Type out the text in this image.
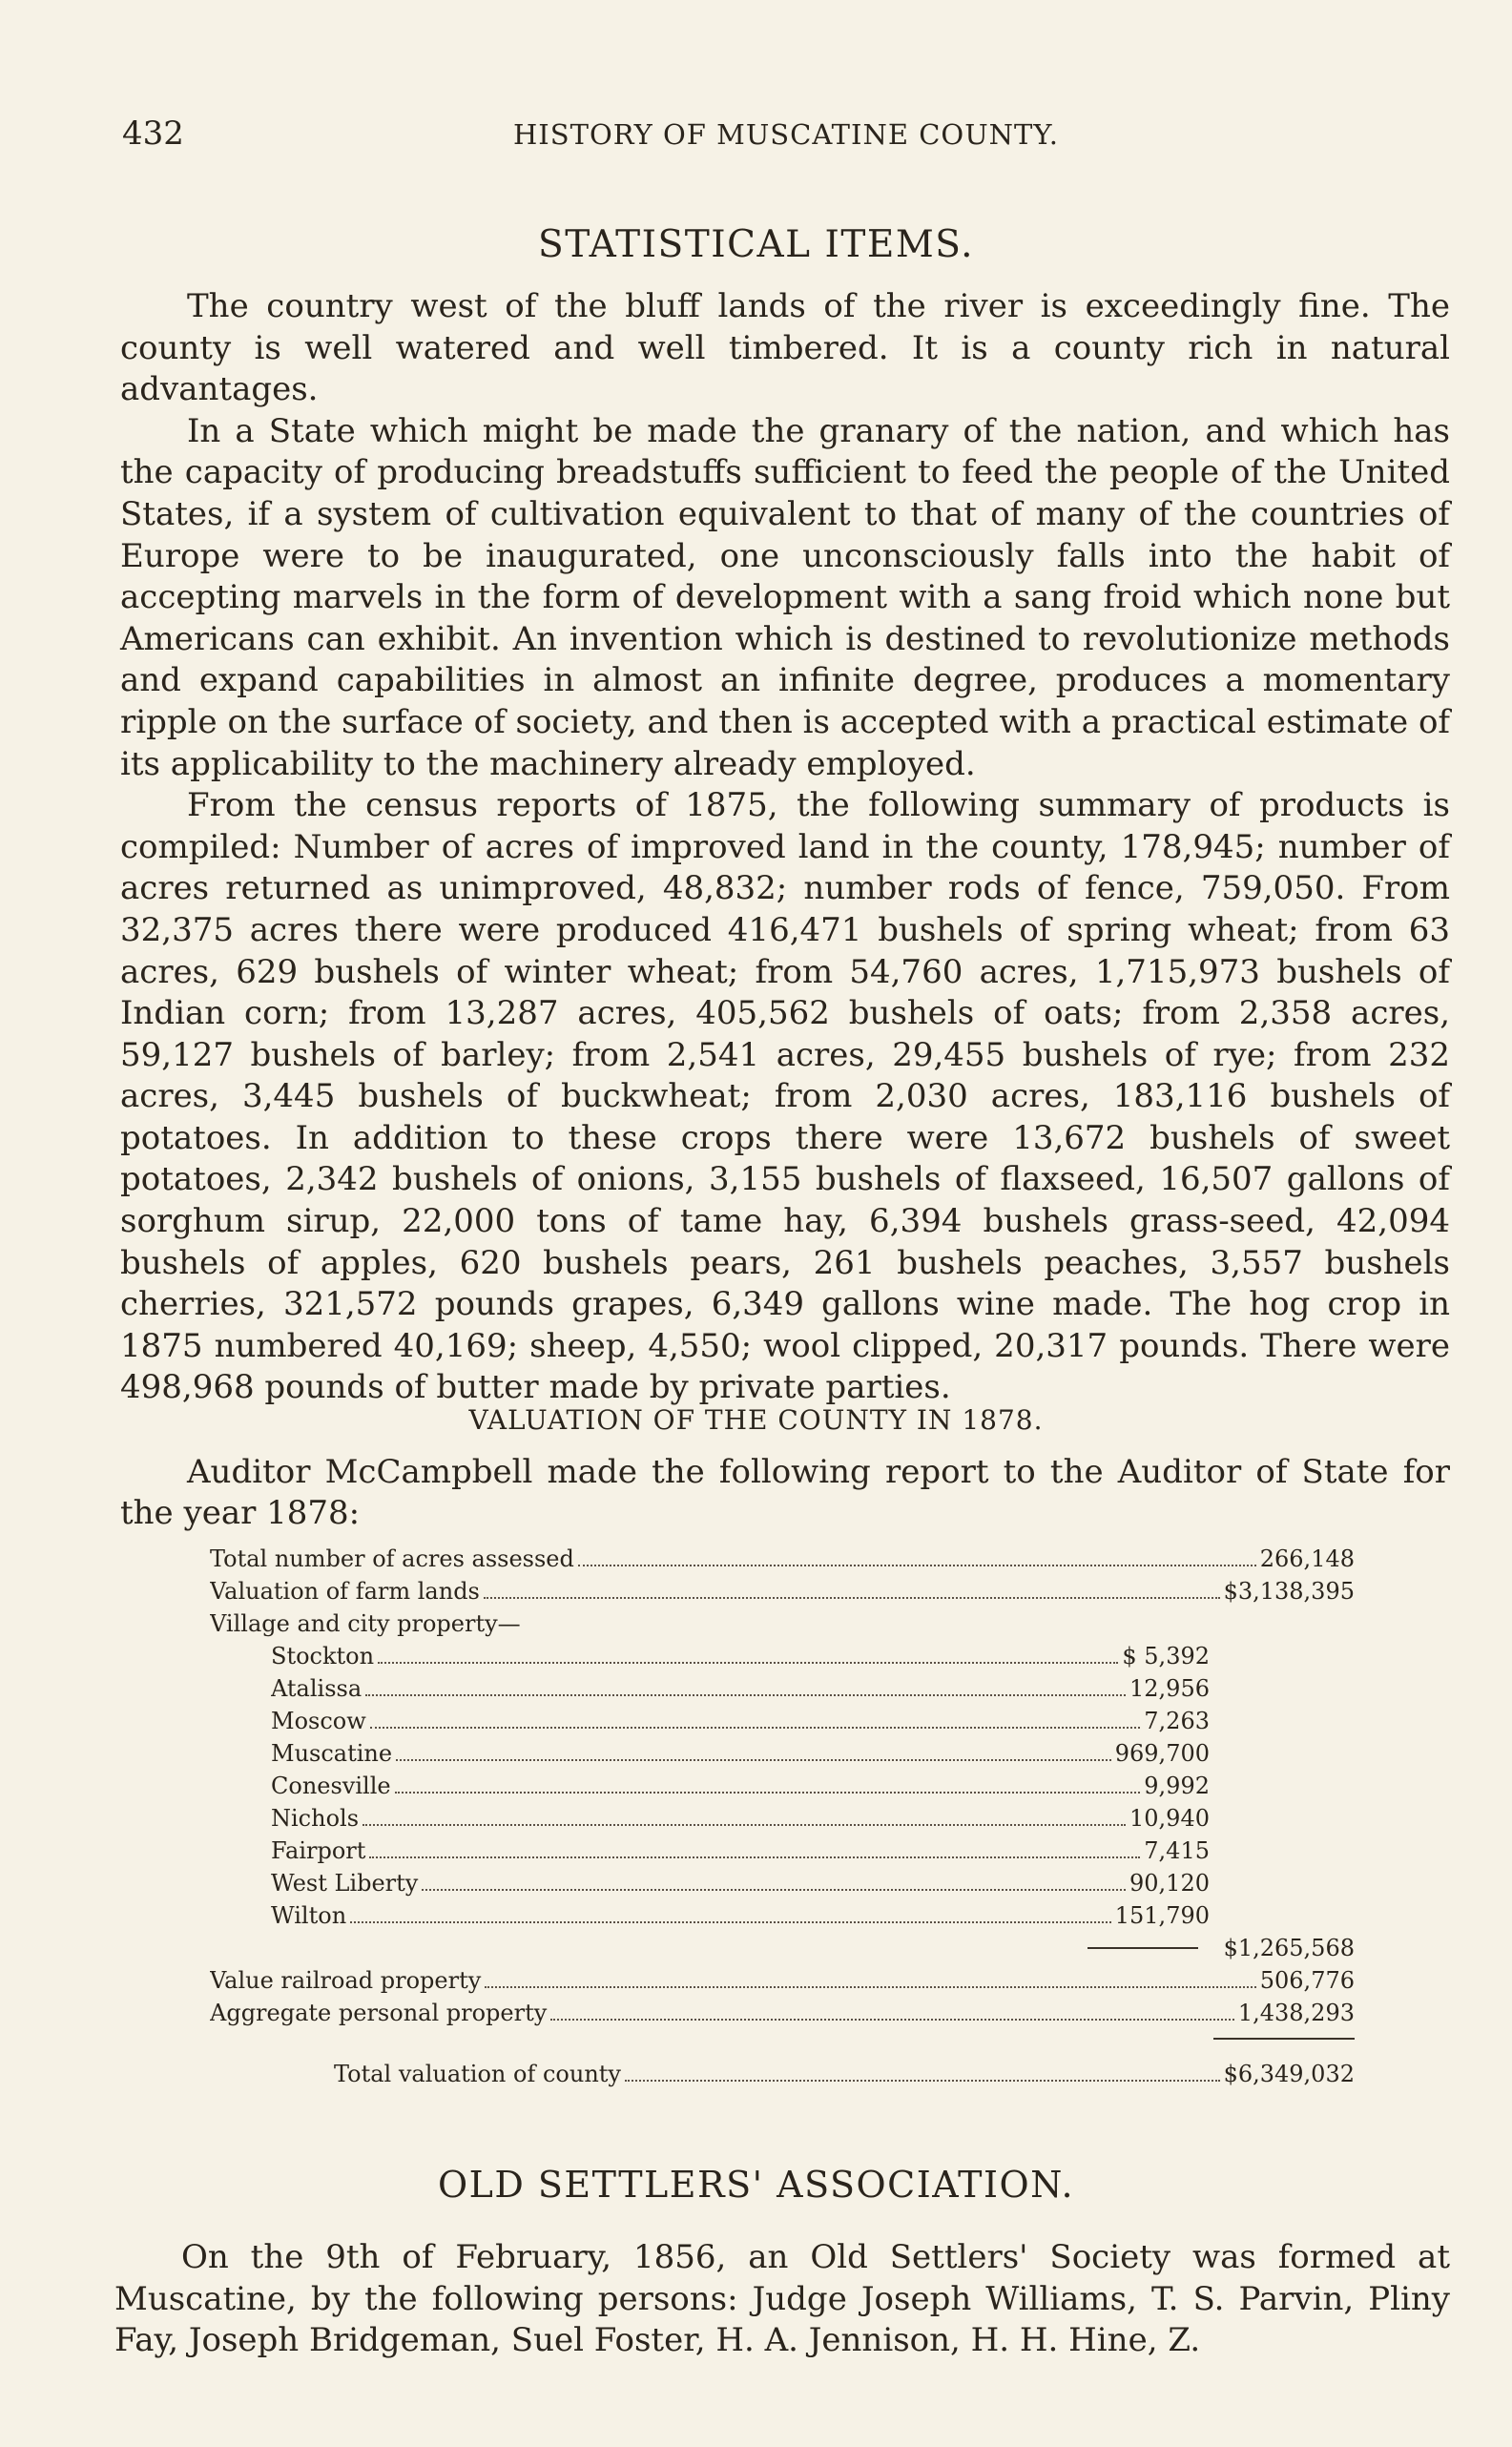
432	HISTORY OF MUSCATINE COUNTY.
STATISTICAL ITEMS.

The country west of the bluff lands of the river is exceedingly fine. The county is well watered and well timbered. It is a county rich in natural advantages.

In a State which might be made the granary of the nation, and which has the capacity of producing breadstuffs sufficient to feed the people of the United States, if a system of cultivation equivalent to that of many of the countries of Europe were to be inaugurated, one unconsciously falls into the habit of accepting marvels in the form of development with a sang froid which none but Americans can exhibit. An invention which is destined to revolutionize methods and expand capabilities in almost an infinite degree, produces a momentary ripple on the surface of society, and then is accepted with a practical estimate of its applicability to the machinery already employed.

From the census reports of 1875, the following summary of products is compiled: Number of acres of improved land in the county, 178,945; number of acres returned as unimproved, 48,832; number rods of fence, 759,050. From 32,375 acres there were produced 416,471 bushels of spring wheat; from 63 acres, 629 bushels of winter wheat; from 54,760 acres, 1,715,973 bushels of Indian corn; from 13,287 acres, 405,562 bushels of oats; from 2,358 acres, 59,127 bushels of barley; from 2,541 acres, 29,455 bushels of rye; from 232 acres, 3,445 bushels of buckwheat; from 2,030 acres, 183,116 bushels of potatoes. In addition to these crops there were 13,672 bushels of sweet potatoes, 2,342 bushels of onions, 3,155 bushels of flaxseed, 16,507 gallons of sorghum sirup, 22,000 tons of tame hay, 6,394 bushels grass-seed, 42,094 bushels of apples, 620 bushels pears, 261 bushels peaches, 3,557 bushels cherries, 321,572 pounds grapes, 6,349 gallons wine made. The hog crop in 1875 numbered 40,169; sheep, 4,550; wool clipped, 20,317 pounds. There were 498,968 pounds of butter made by private parties.

VALUATION OF THE COUNTY IN 1878.

Auditor McCampbell made the following report to the Auditor of State for the year 1878:

Total number of acres assessed	266,148
Valuation of farm lands	$3,138,395
Village and city property—
Stockton	$ 5,392
Atalissa	12,956
Moscow	7,263
Muscatine	969,700
Conesville	9,992
Nichols	10,940
Fairport	7,415
West Liberty	90,120
Wilton	151,790
$1,265,568
Value railroad property	506,776
Aggregate personal property	1,438,293
Total valuation of county	$6,349,032
OLD SETTLERS' ASSOCIATION.

On the 9th of February, 1856, an Old Settlers' Society was formed at Muscatine, by the following persons: Judge Joseph Williams, T. S. Parvin, Pliny Fay, Joseph Bridgeman, Suel Foster, H. A. Jennison, H. H. Hine, Z.
